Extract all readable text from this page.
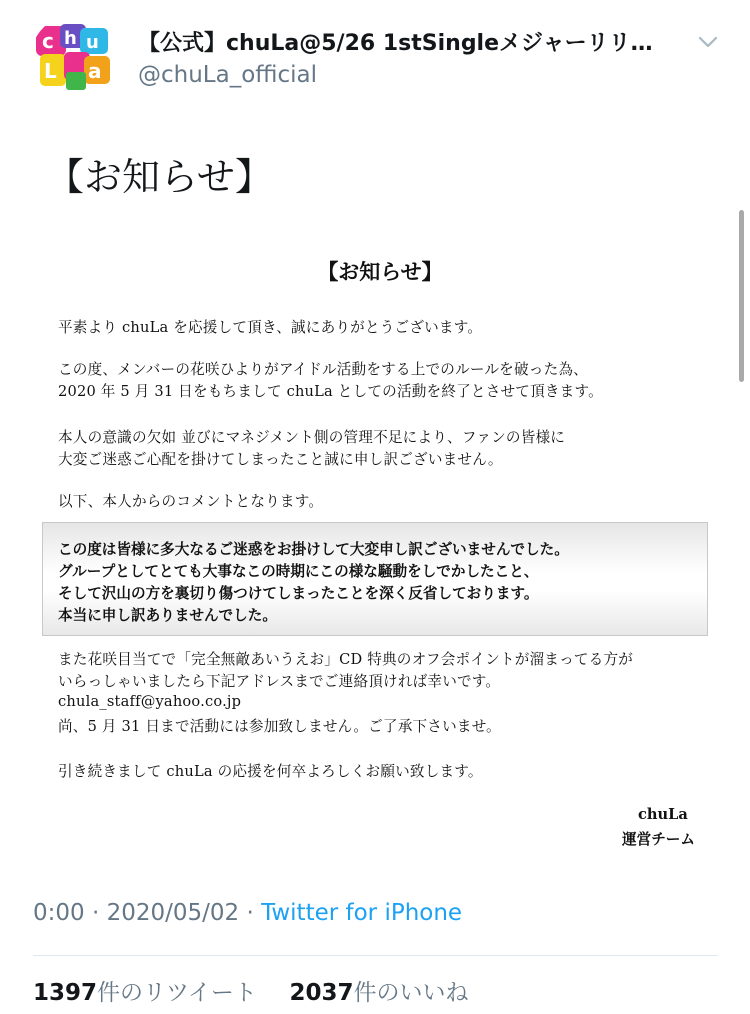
c h u
L a
【公式】chuLa@5/26 1stSingleメジャーリリ…
@chuLa_official
【お知らせ】
【お知らせ】
平素より chuLa を応援して頂き、誠にありがとうございます。
この度、メンバーの花咲ひよりがアイドル活動をする上でのルールを破った為、
2020 年 5 月 31 日をもちまして chuLa としての活動を終了とさせて頂きます。
本人の意識の欠如 並びにマネジメント側の管理不足により、ファンの皆様に
大変ご迷惑ご心配を掛けてしまったこと誠に申し訳ございません。
以下、本人からのコメントとなります。
この度は皆様に多大なるご迷惑をお掛けして大変申し訳ございませんでした。
グループとしてとても大事なこの時期にこの様な騒動をしでかしたこと、
そして沢山の方を裏切り傷つけてしまったことを深く反省しております。
本当に申し訳ありませんでした。
また花咲目当てで「完全無敵あいうえお」CD 特典のオフ会ポイントが溜まってる方が
いらっしゃいましたら下記アドレスまでご連絡頂ければ幸いです。
chula_staff@yahoo.co.jp
尚、5 月 31 日まで活動には参加致しません。ご了承下さいませ。
引き続きまして chuLa の応援を何卒よろしくお願い致します。
chuLa
運営チーム
0:00 · 2020/05/02 · Twitter for iPhone
1397件のリツイート 2037件のいいね
